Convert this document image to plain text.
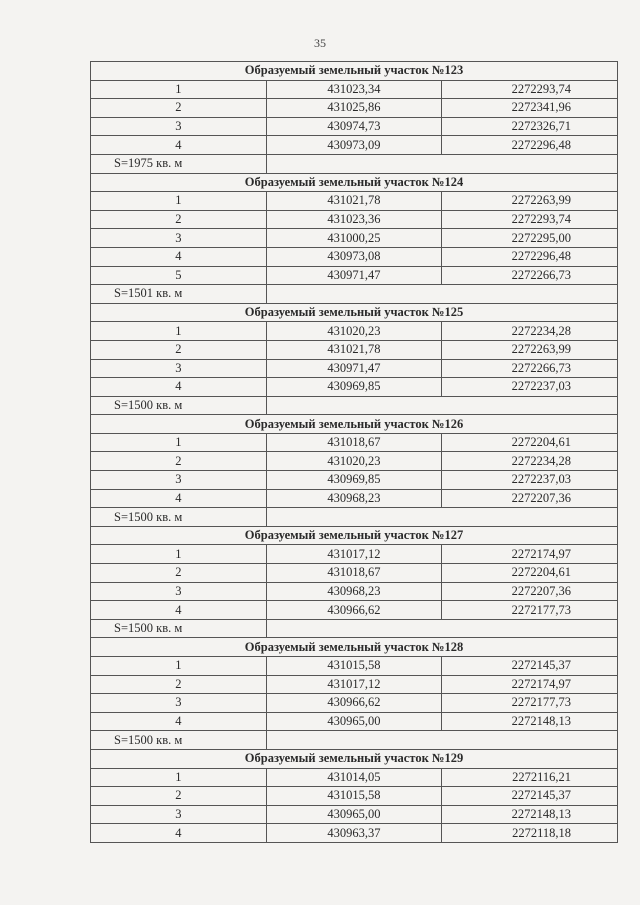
35
Образуемый земельный участок №123		
1	431023,34	2272293,74
2	431025,86	2272341,96
3	430974,73	2272326,71
4	430973,09	2272296,48
S=1975 кв. м		
Образуемый земельный участок №124		
1	431021,78	2272263,99
2	431023,36	2272293,74
3	431000,25	2272295,00
4	430973,08	2272296,48
5	430971,47	2272266,73
S=1501 кв. м		
Образуемый земельный участок №125		
1	431020,23	2272234,28
2	431021,78	2272263,99
3	430971,47	2272266,73
4	430969,85	2272237,03
S=1500 кв. м		
Образуемый земельный участок №126		
1	431018,67	2272204,61
2	431020,23	2272234,28
3	430969,85	2272237,03
4	430968,23	2272207,36
S=1500 кв. м		
Образуемый земельный участок №127		
1	431017,12	2272174,97
2	431018,67	2272204,61
3	430968,23	2272207,36
4	430966,62	2272177,73
S=1500 кв. м		
Образуемый земельный участок №128		
1	431015,58	2272145,37
2	431017,12	2272174,97
3	430966,62	2272177,73
4	430965,00	2272148,13
S=1500 кв. м		
Образуемый земельный участок №129		
1	431014,05	2272116,21
2	431015,58	2272145,37
3	430965,00	2272148,13
4	430963,37	2272118,18
